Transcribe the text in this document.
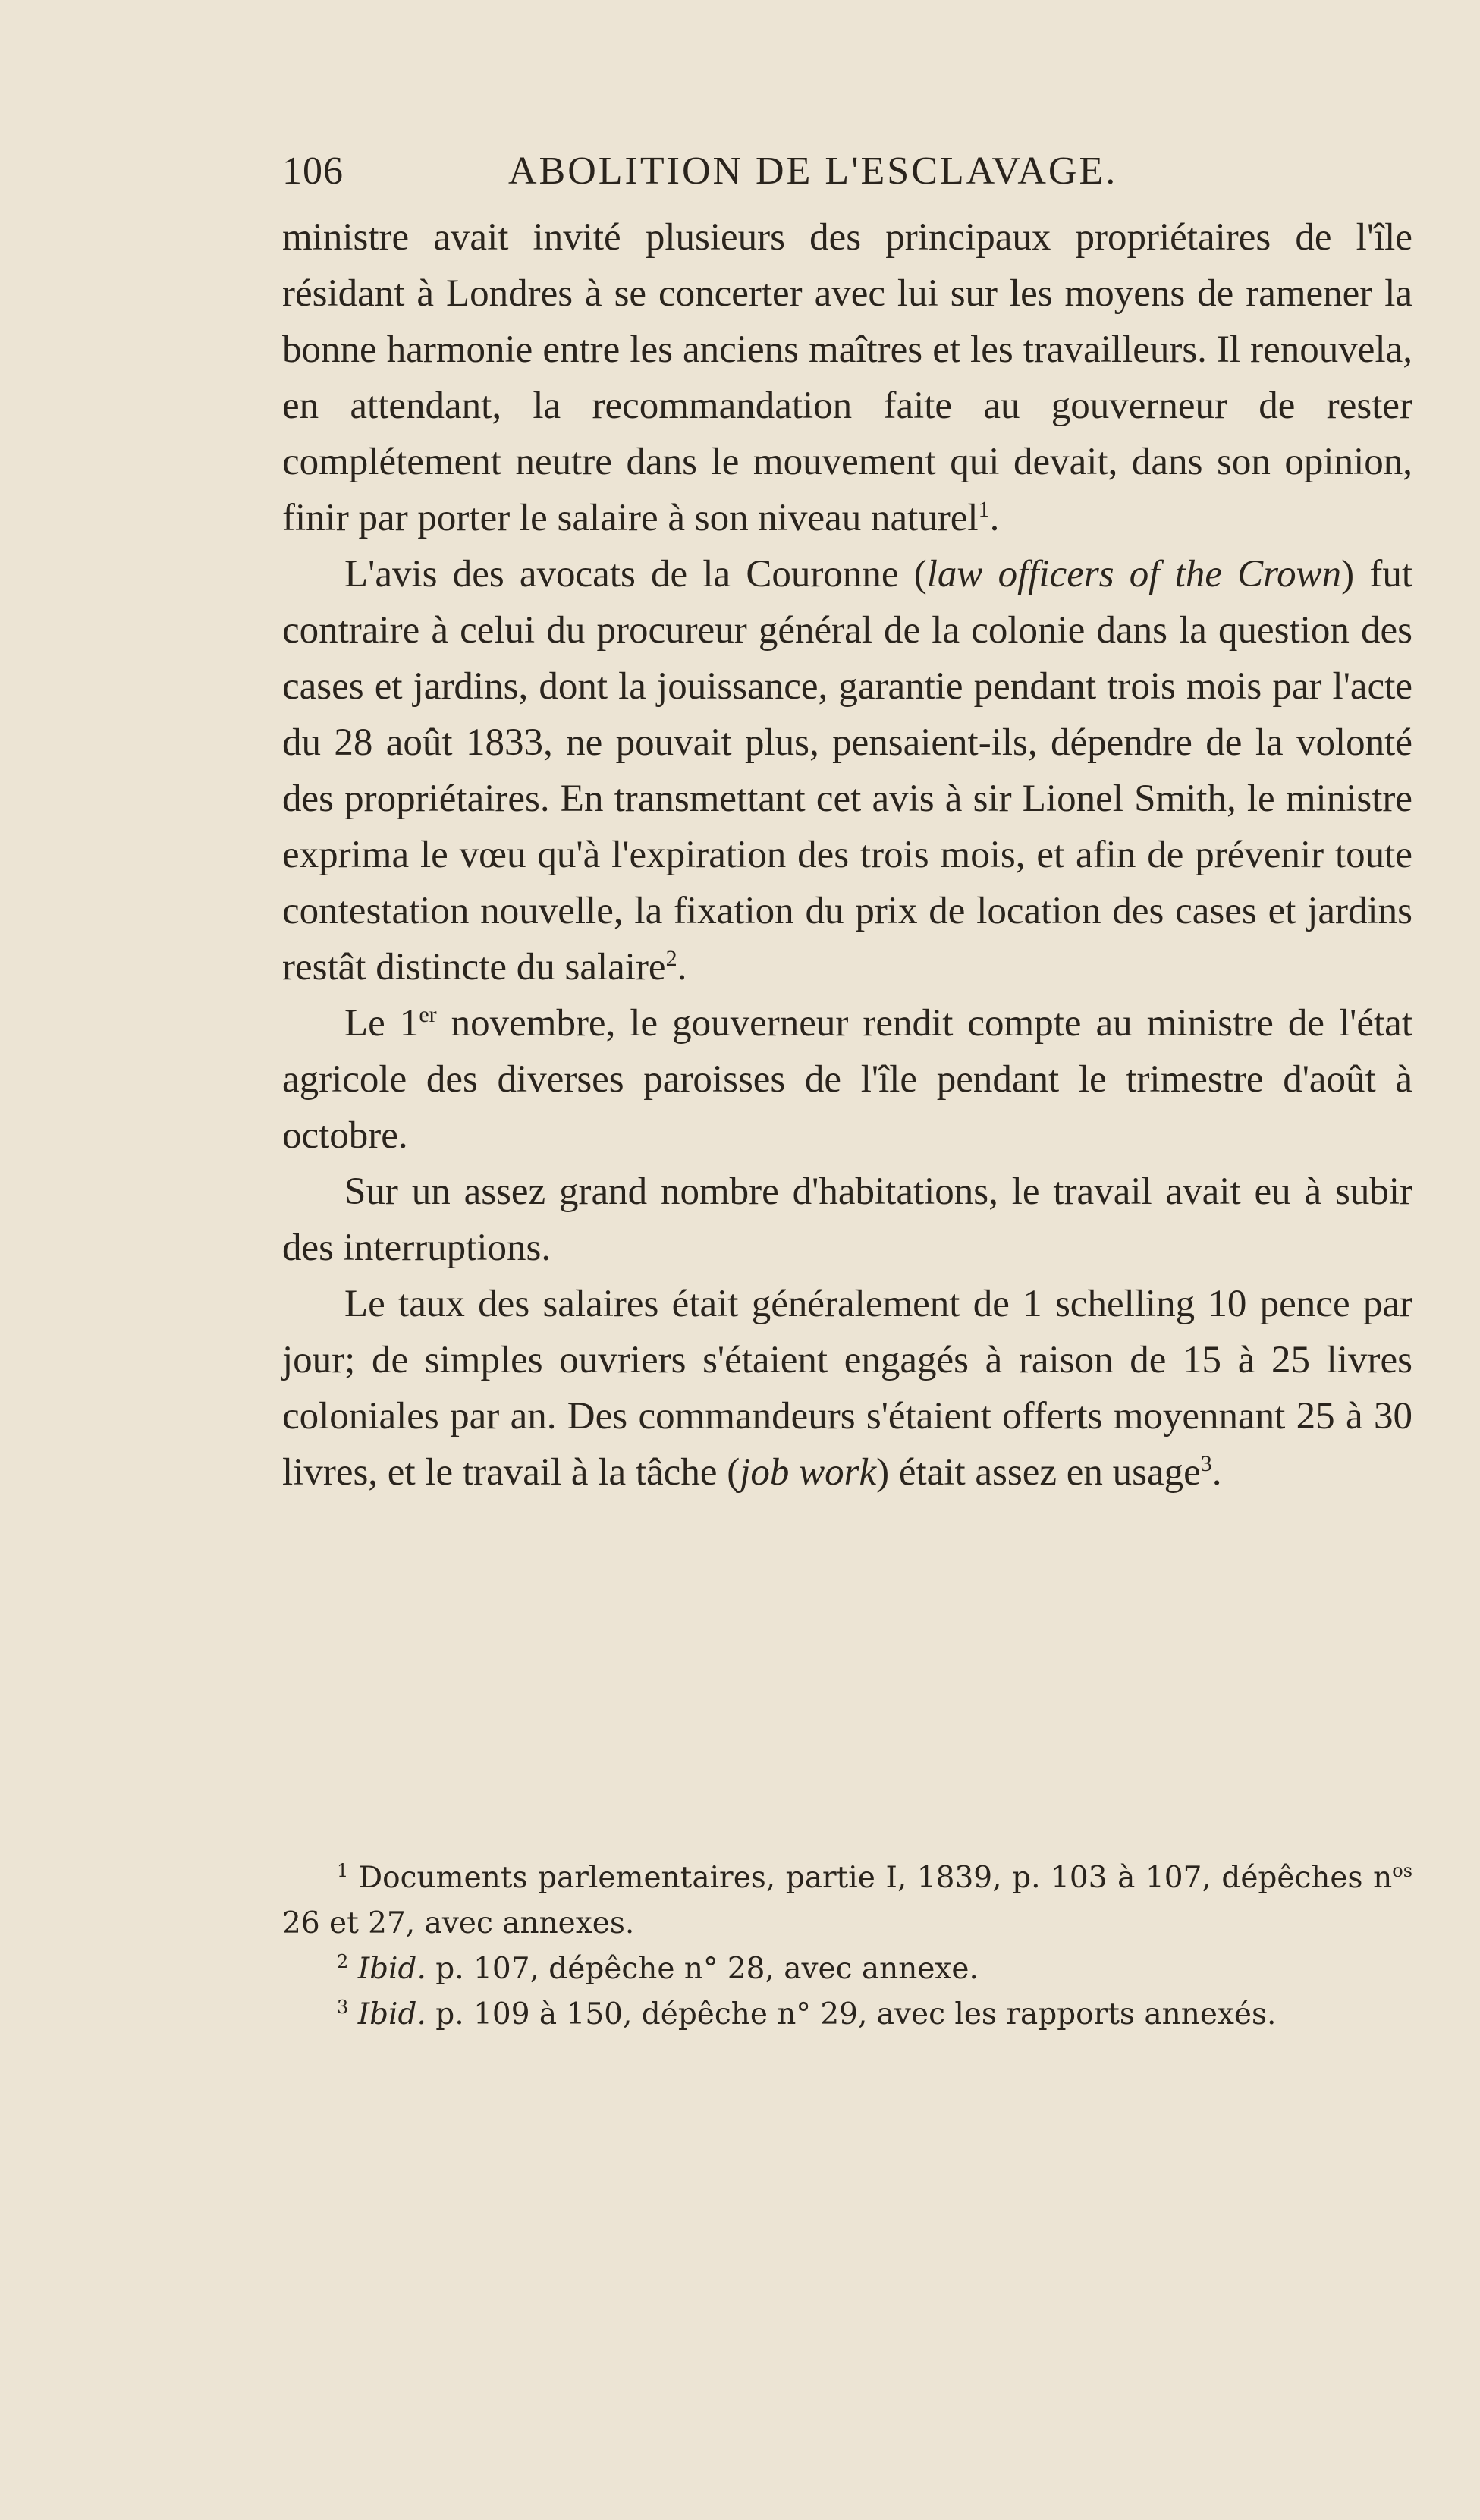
106	ABOLITION DE L'ESCLAVAGE.

ministre avait invité plusieurs des principaux propriétaires de l'île résidant à Londres à se concerter avec lui sur les moyens de ramener la bonne harmonie entre les anciens maîtres et les travailleurs. Il renouvela, en attendant, la recommandation faite au gouverneur de rester complétement neutre dans le mouvement qui devait, dans son opinion, finir par porter le salaire à son niveau naturel$^1$.

L'avis des avocats de la Couronne (law officers of the Crown) fut contraire à celui du procureur général de la colonie dans la question des cases et jardins, dont la jouissance, garantie pendant trois mois par l'acte du 28 août 1833, ne pouvait plus, pensaient-ils, dépendre de la volonté des propriétaires. En transmettant cet avis à sir Lionel Smith, le ministre exprima le vœu qu'à l'expiration des trois mois, et afin de prévenir toute contestation nouvelle, la fixation du prix de location des cases et jardins restât distincte du salaire$^2$.

Le 1er novembre, le gouverneur rendit compte au ministre de l'état agricole des diverses paroisses de l'île pendant le trimestre d'août à octobre.

Sur un assez grand nombre d'habitations, le travail avait eu à subir des interruptions.

Le taux des salaires était généralement de 1 schelling 10 pence par jour; de simples ouvriers s'étaient engagés à raison de 15 à 25 livres coloniales par an. Des commandeurs s'étaient offerts moyennant 25 à 30 livres, et le travail à la tâche (job work) était assez en usage$^3$.

$^1$ Documents parlementaires, partie I, 1839, p. 103 à 107, dépêches $n^{os}$ 26 et 27, avec annexes.

$^2$ Ibid. p. 107, dépêche n° 28, avec annexe.

$^3$ Ibid. p. 109 à 150, dépêche n° 29, avec les rapports annexés.
